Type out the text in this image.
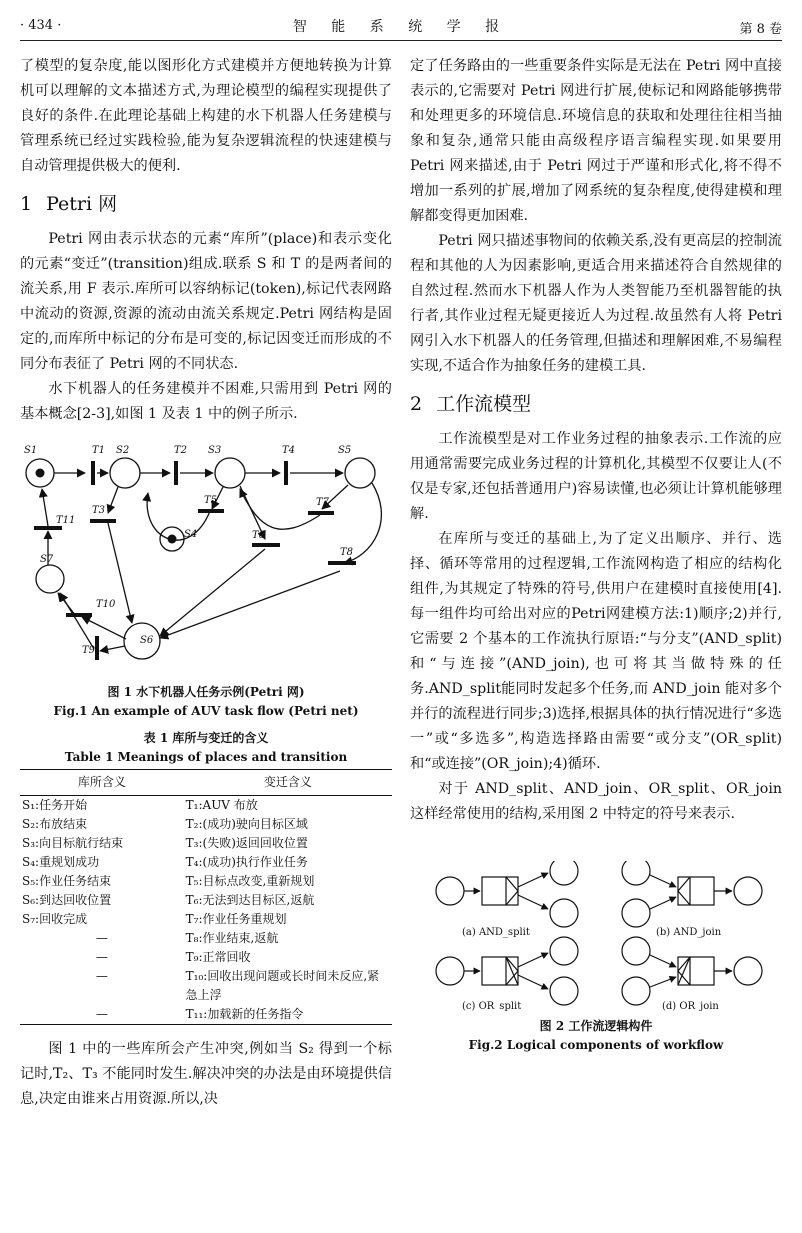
· 434 ·	智 能 系 统 学 报	第 8 卷

了模型的复杂度,能以图形化方式建模并方便地转换为计算机可以理解的文本描述方式,为理论模型的编程实现提供了良好的条件.在此理论基础上构建的水下机器人任务建模与管理系统已经过实践检验,能为复杂逻辑流程的快速建模与自动管理提供极大的便利.

1 Petri 网

Petri 网由表示状态的元素“库所”(place)和表示变化的元素“变迁”(transition)组成.联系 S 和 T 的是两者间的流关系,用 F 表示.库所可以容纳标记(token),标记代表网路中流动的资源,资源的流动由流关系规定.Petri 网结构是固定的,而库所中标记的分布是可变的,标记因变迁而形成的不同分布表征了 Petri 网的不同状态.

水下机器人的任务建模并不困难,只需用到 Petri 网的基本概念[2-3],如图 1 及表 1 中的例子所示.

S1	S2	S3
S4
S5
S6
S7
T1	T2
T3
T4
T5
T6
T7
T8
T9
T10
T11
图 1 水下机器人任务示例(Petri 网)
Fig.1 An example of AUV task flow (Petri net)
表 1 库所与变迁的含义
Table 1 Meanings of places and transition
库所含义	变迁含义
S₁:任务开始	T₁:AUV 布放
S₂:布放结束	T₂:(成功)驶向目标区域
S₃:向目标航行结束	T₃:(失败)返回回收位置
S₄:重规划成功	T₄:(成功)执行作业任务
S₅:作业任务结束	T₅:目标点改变,重新规划
S₆:到达回收位置	T₆:无法到达目标区,返航
S₇:回收完成	T₇:作业任务重规划
—	T₈:作业结束,返航
—	T₉:正常回收
—	T₁₀:回收出现问题或长时间未反应,紧急上浮
—	T₁₁:加载新的任务指令

图 1 中的一些库所会产生冲突,例如当 S₂ 得到一个标记时,T₂、T₃ 不能同时发生.解决冲突的办法是由环境提供信息,决定由谁来占用资源.所以,决

定了任务路由的一些重要条件实际是无法在 Petri 网中直接表示的,它需要对 Petri 网进行扩展,使标记和网路能够携带和处理更多的环境信息.环境信息的获取和处理往往相当抽象和复杂,通常只能由高级程序语言编程实现.如果要用 Petri 网来描述,由于 Petri 网过于严谨和形式化,将不得不增加一系列的扩展,增加了网系统的复杂程度,使得建模和理解都变得更加困难.

Petri 网只描述事物间的依赖关系,没有更高层的控制流程和其他的人为因素影响,更适合用来描述符合自然规律的自然过程.然而水下机器人作为人类智能乃至机器智能的执行者,其作业过程无疑更接近人为过程.故虽然有人将 Petri 网引入水下机器人的任务管理,但描述和理解困难,不易编程实现,不适合作为抽象任务的建模工具.

2 工作流模型

工作流模型是对工作业务过程的抽象表示.工作流的应用通常需要完成业务过程的计算机化,其模型不仅要让人(不仅是专家,还包括普通用户)容易读懂,也必须让计算机能够理解.

在库所与变迁的基础上,为了定义出顺序、并行、选择、循环等常用的过程逻辑,工作流网构造了相应的结构化组件,为其规定了特殊的符号,供用户在建模时直接使用[4].每一组件均可给出对应的Petri网建模方法:1)顺序;2)并行,它需要 2 个基本的工作流执行原语:“与分支”(AND_split)和“与连接”(AND_join),也可将其当做特殊的任务.AND_split能同时发起多个任务,而 AND_join 能对多个并行的流程进行同步;3)选择,根据具体的执行情况进行“多选一”或“多选多”,构造选择路由需要“或分支”(OR_split)和“或连接”(OR_join);4)循环.

对于 AND_split、AND_join、OR_split、OR_join 这样经常使用的结构,采用图 2 中特定的符号来表示.

(a) AND_split	(b) AND_join
(c) OR_split	(d) OR_join
图 2 工作流逻辑构件
Fig.2 Logical components of workflow
